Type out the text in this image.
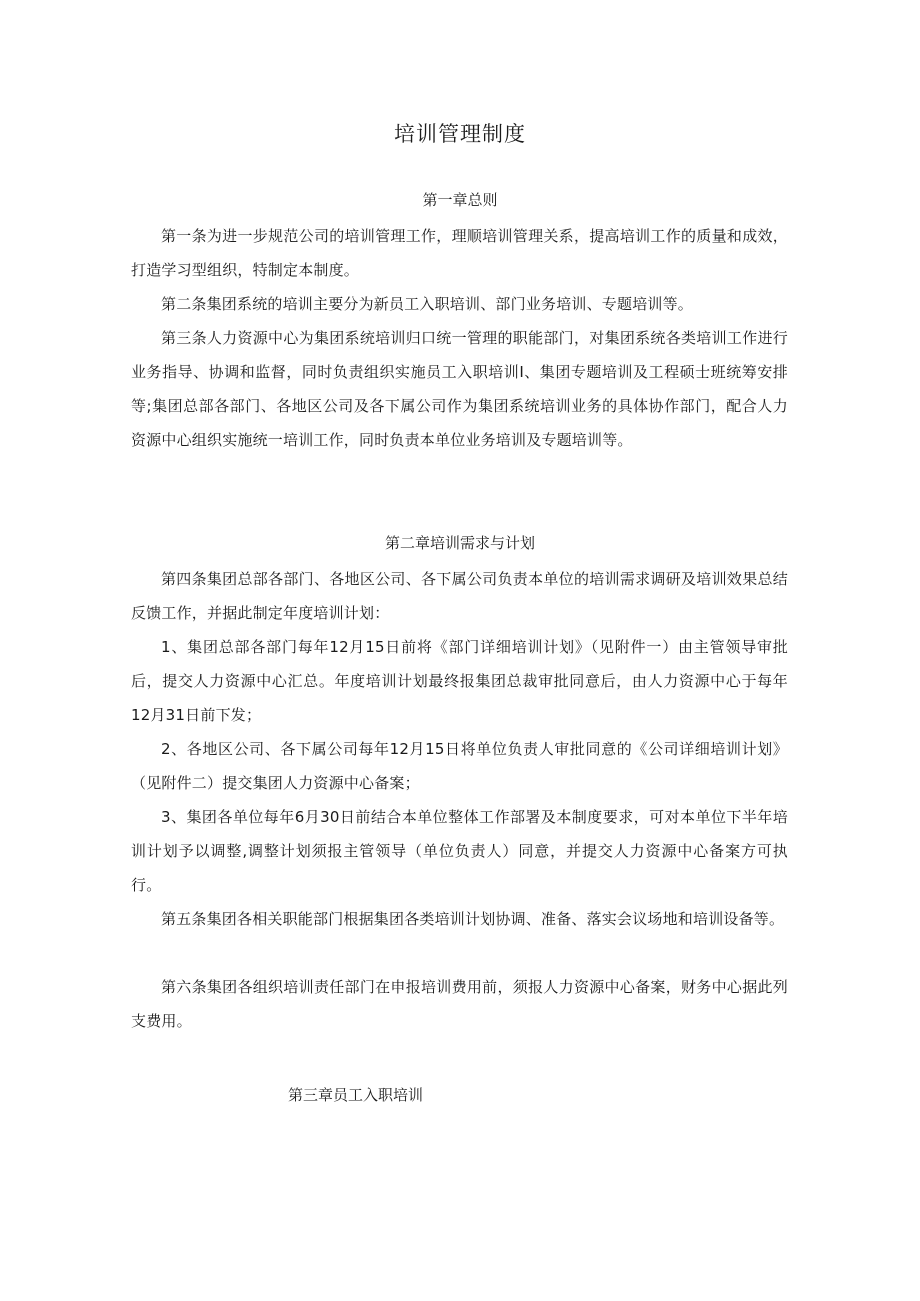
培训管理制度
第一章总则

第一条为进一步规范公司的培训管理工作，理顺培训管理关系，提高培训工作的质量和成效，打造学习型组织，特制定本制度。

第二条集团系统的培训主要分为新员工入职培训、部门业务培训、专题培训等。

第三条人力资源中心为集团系统培训归口统一管理的职能部门，对集团系统各类培训工作进行业务指导、协调和监督，同时负责组织实施员工入职培训I、集团专题培训及工程硕士班统筹安排等;集团总部各部门、各地区公司及各下属公司作为集团系统培训业务的具体协作部门，配合人力资源中心组织实施统一培训工作，同时负责本单位业务培训及专题培训等。

第二章培训需求与计划

第四条集团总部各部门、各地区公司、各下属公司负责本单位的培训需求调研及培训效果总结反馈工作，并据此制定年度培训计划：

1、集团总部各部门每年12月15日前将《部门详细培训计划》（见附件一）由主管领导审批后，提交人力资源中心汇总。年度培训计划最终报集团总裁审批同意后，由人力资源中心于每年12月31日前下发；

2、各地区公司、各下属公司每年12月15日将单位负责人审批同意的《公司详细培训计划》（见附件二）提交集团人力资源中心备案；

3、集团各单位每年6月30日前结合本单位整体工作部署及本制度要求，可对本单位下半年培训计划予以调整,调整计划须报主管领导（单位负责人）同意，并提交人力资源中心备案方可执行。

第五条集团各相关职能部门根据集团各类培训计划协调、准备、落实会议场地和培训设备等。

第六条集团各组织培训责任部门在申报培训费用前，须报人力资源中心备案，财务中心据此列支费用。

第三章员工入职培训
